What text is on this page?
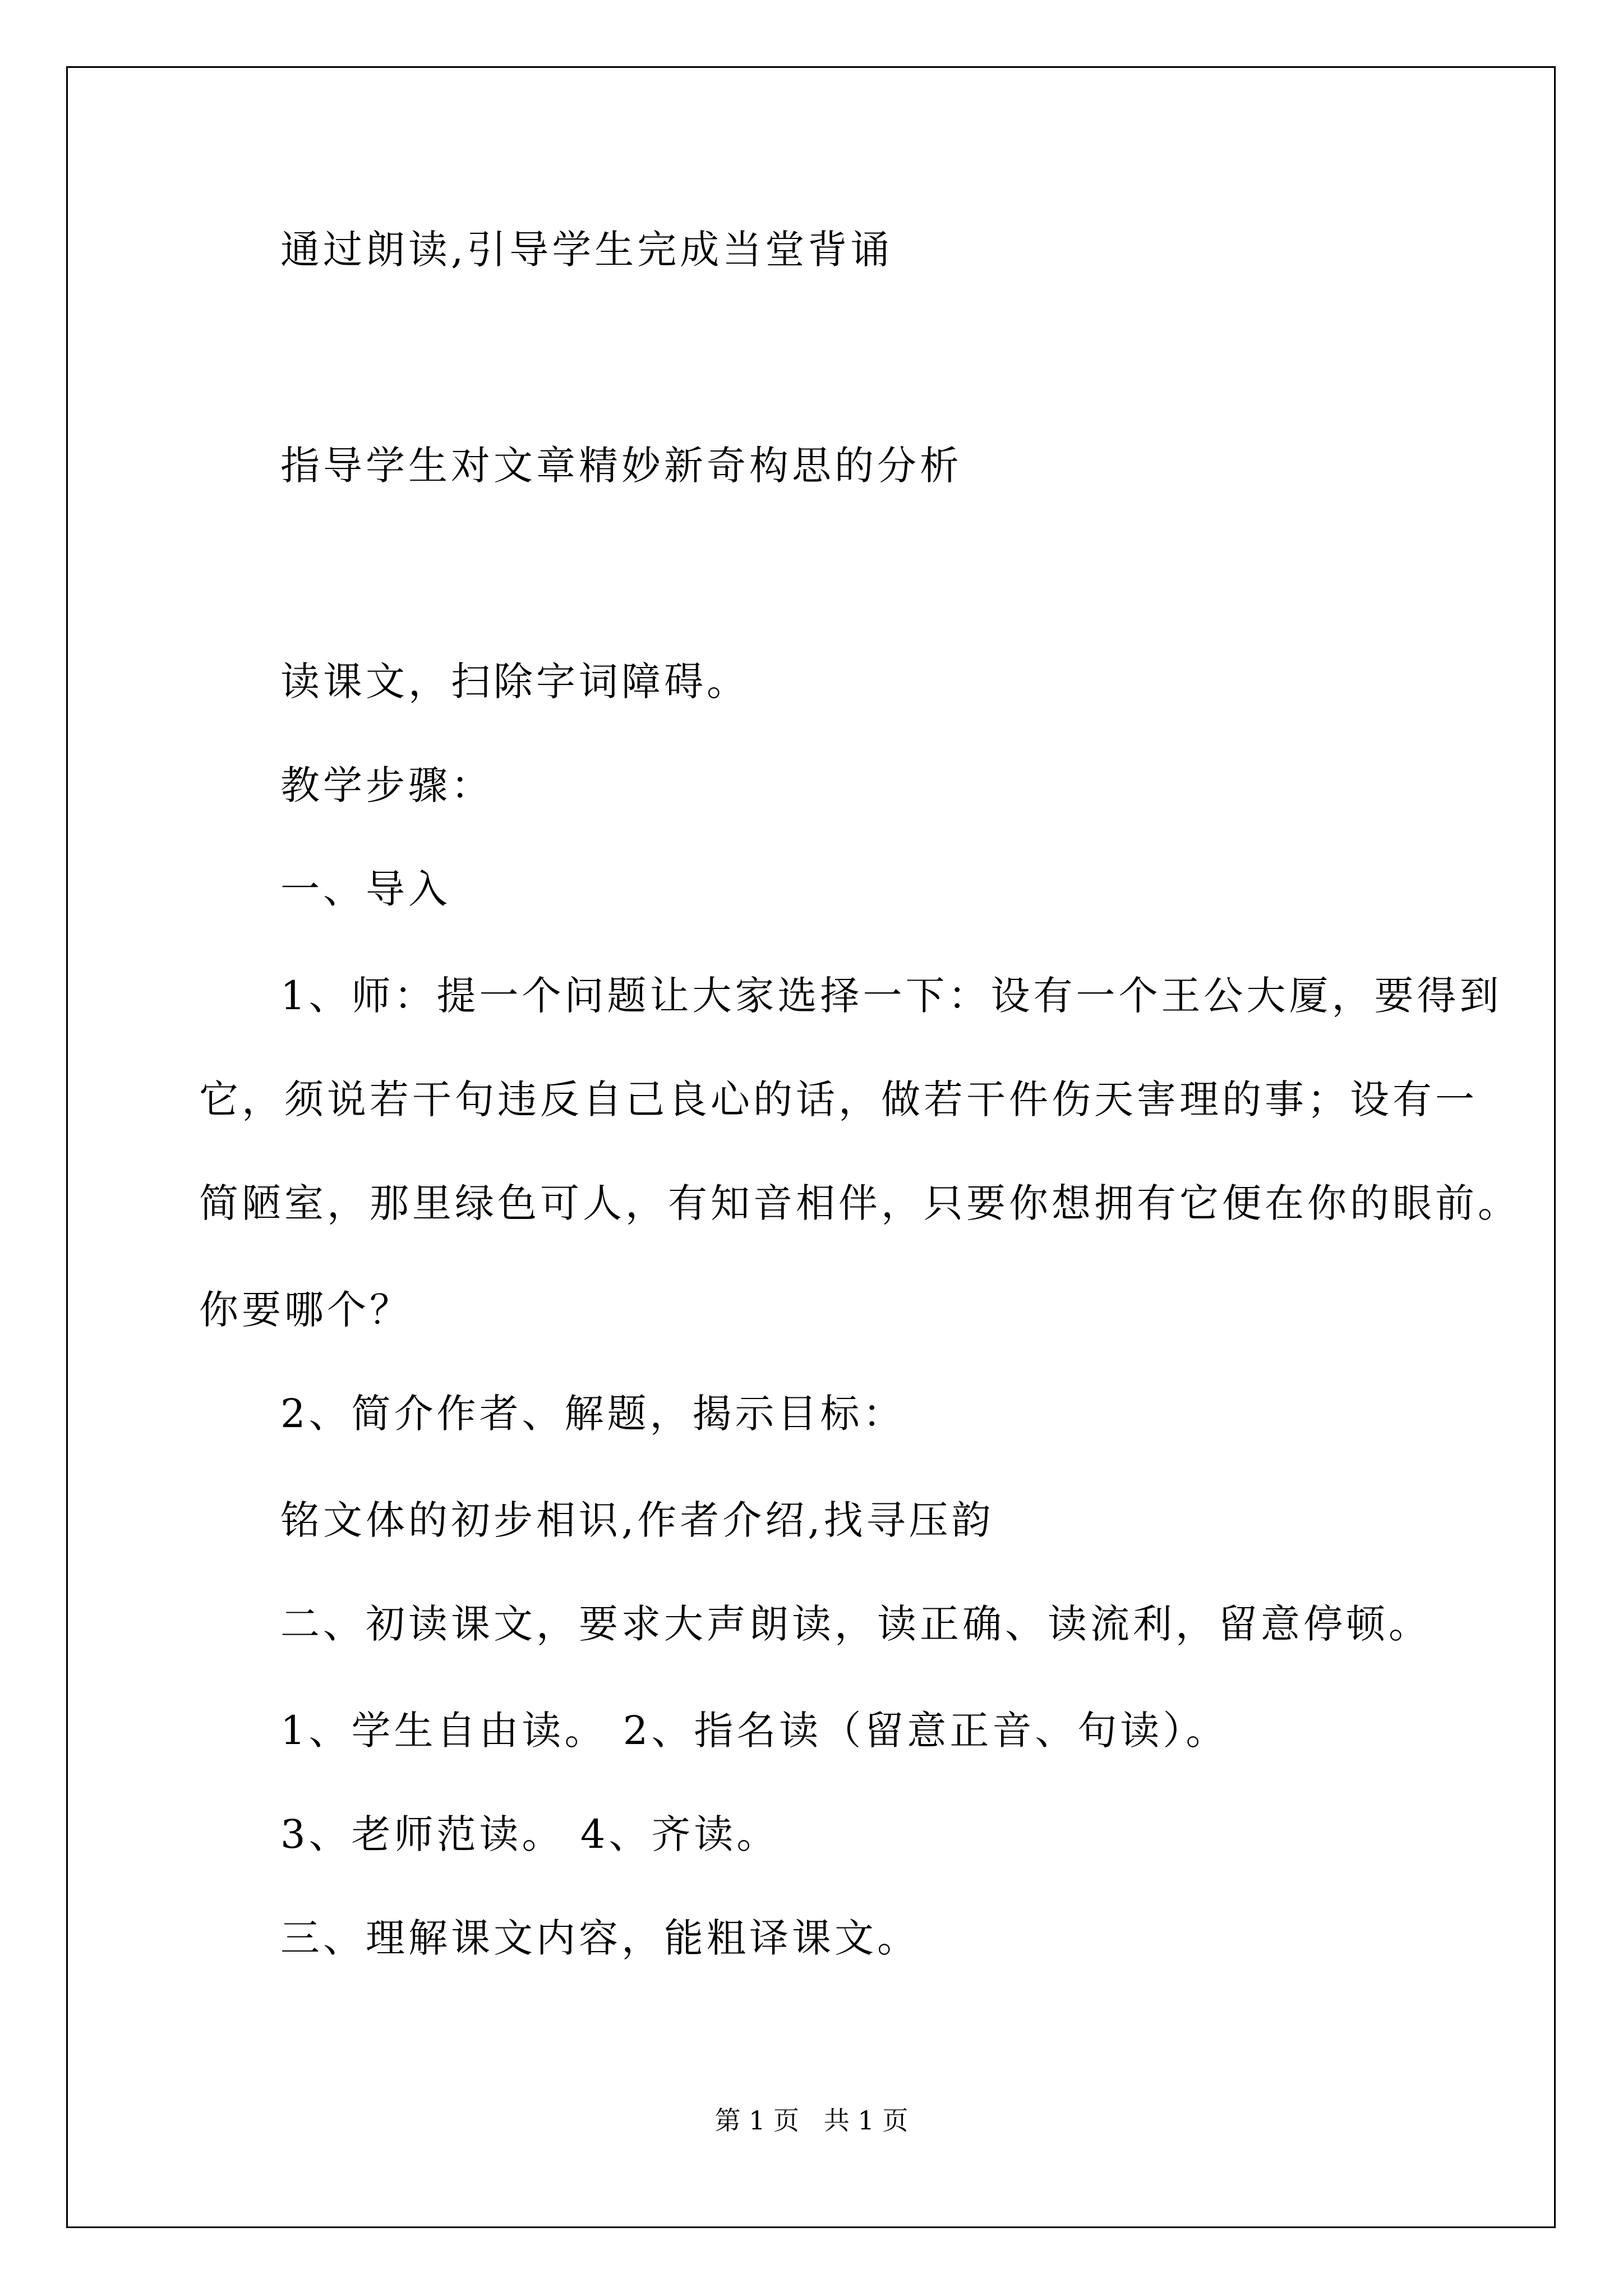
通过朗读,引导学生完成当堂背诵
指导学生对文章精妙新奇构思的分析
读课文，扫除字词障碍。
教学步骤：
一、导入
1、师：提一个问题让大家选择一下：设有一个王公大厦，要得到
它，须说若干句违反自己良心的话，做若干件伤天害理的事；设有一
简陋室，那里绿色可人，有知音相伴，只要你想拥有它便在你的眼前。
你要哪个？
2、简介作者、解题，揭示目标：
铭文体的初步相识,作者介绍,找寻压韵
二、初读课文，要求大声朗读，读正确、读流利，留意停顿。
1、学生自由读。 2、指名读（留意正音、句读）。
3、老师范读。 4、齐读。
三、理解课文内容，能粗译课文。
第 1 页   共 1 页
